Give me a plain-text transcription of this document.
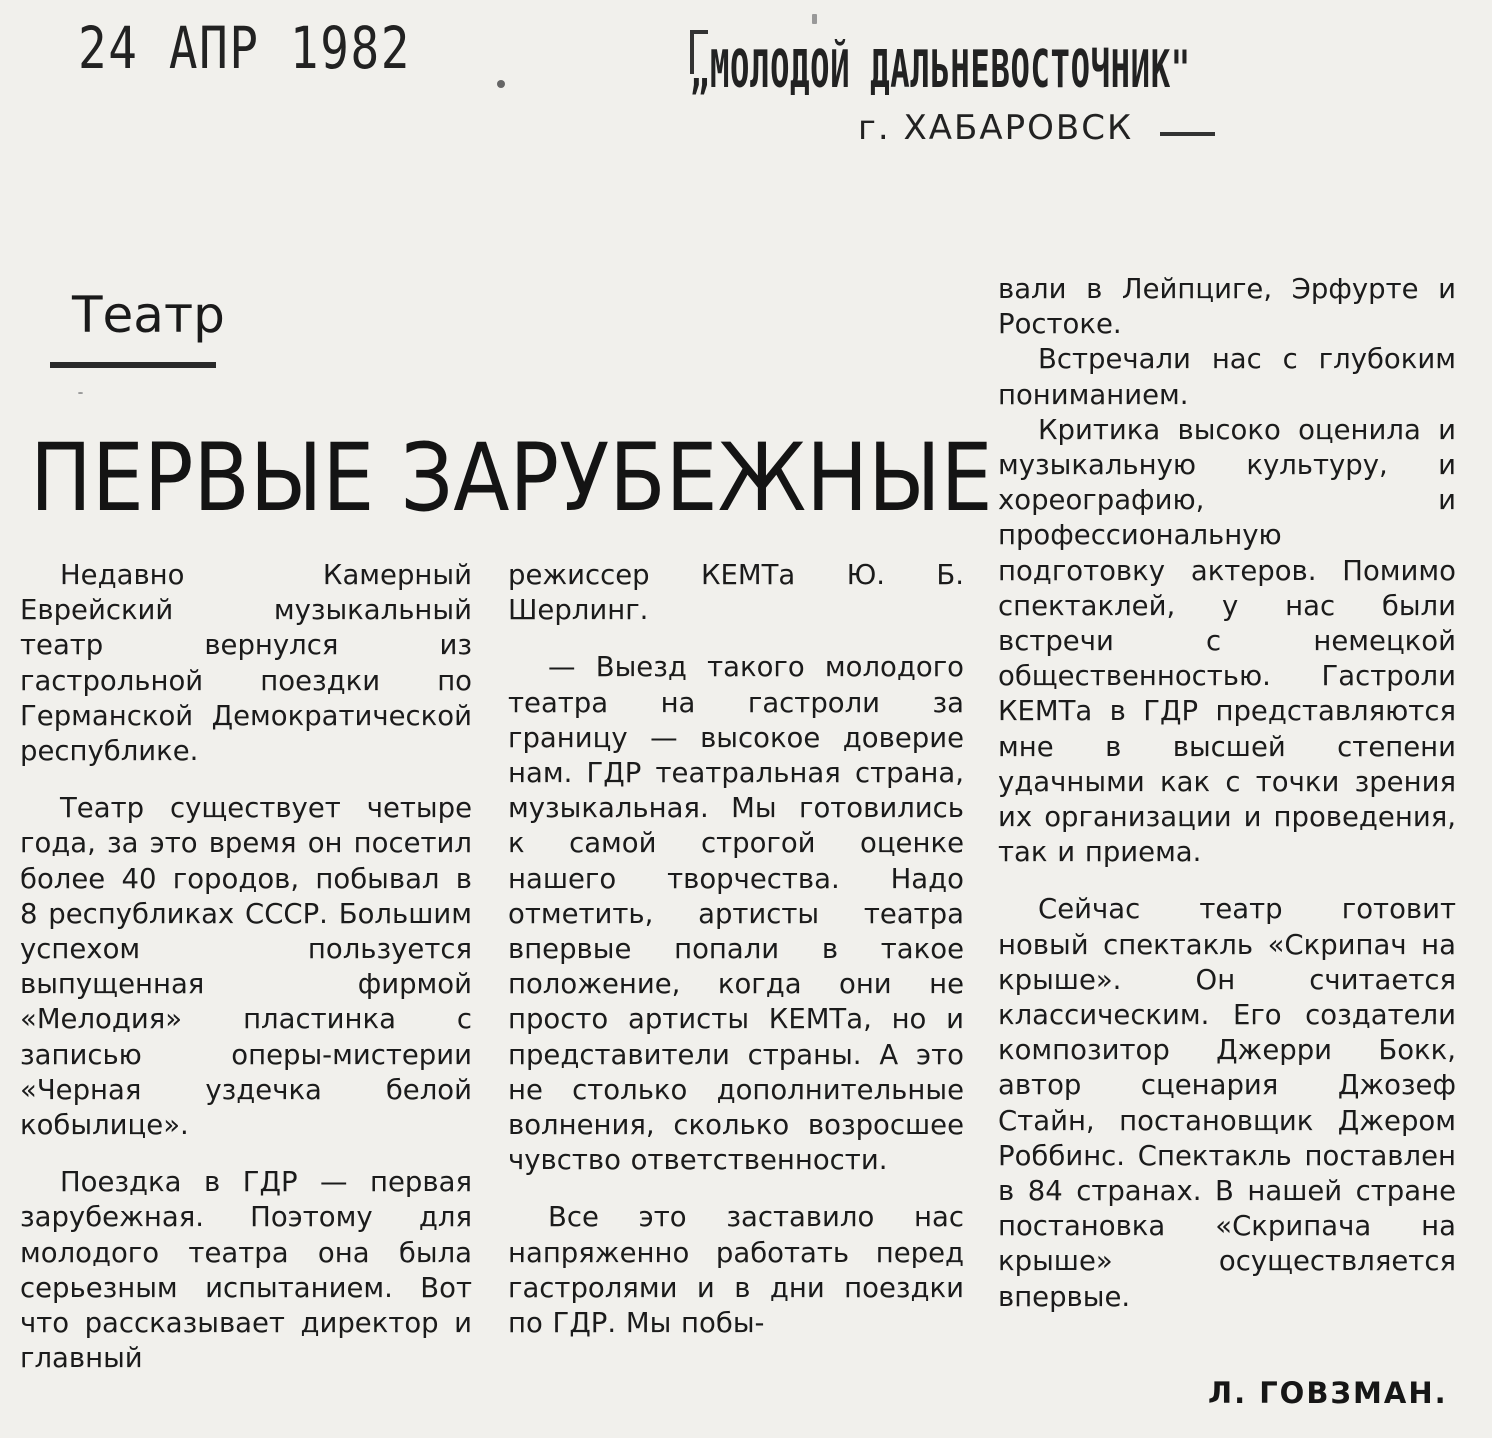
24 АПР 1982	„МОЛОДОЙ ДАЛЬНЕВОСТОЧНИК"
г. ХАБАРОВСК
Театр
ПЕРВЫЕ ЗАРУБЕЖНЫЕ

Недавно Камерный Еврейский музыкальный театр вернулся из гастрольной поездки по Германской Демократической республике.

Театр существует четыре года, за это время он посетил более 40 городов, побывал в 8 республиках СССР. Большим успехом пользуется выпущенная фирмой «Мелодия» пластинка с записью оперы-мистерии «Черная уздечка белой кобылице».

Поездка в ГДР — первая зарубежная. Поэтому для молодого театра она была серьезным испытанием. Вот что рассказывает директор и главный

режиссер КЕМТа Ю. Б. Шерлинг.

— Выезд такого молодого театра на гастроли за границу — высокое доверие нам. ГДР театральная страна, музыкальная. Мы готовились к самой строгой оценке нашего творчества. Надо отметить, артисты театра впервые попали в такое положение, когда они не просто артисты КЕМТа, но и представители страны. А это не столько дополнительные волнения, сколько возросшее чувство ответственности.

Все это заставило нас напряженно работать перед гастролями и в дни поездки по ГДР. Мы побы-

вали в Лейпциге, Эрфурте и Ростоке.

Встречали нас с глубоким пониманием.

Критика высоко оценила и музыкальную культуру, и хореографию, и профессиональную подготовку актеров. Помимо спектаклей, у нас были встречи с немецкой общественностью. Гастроли КЕМТа в ГДР представляются мне в высшей степени удачными как с точки зрения их организации и проведения, так и приема.

Сейчас театр готовит новый спектакль «Скрипач на крыше». Он считается классическим. Его создатели композитор Джерри Бокк, автор сценария Джозеф Стайн, постановщик Джером Роббинс. Спектакль поставлен в 84 странах. В нашей стране постановка «Скрипача на крыше» осуществляется впервые.

Л. ГОВЗМАН.
